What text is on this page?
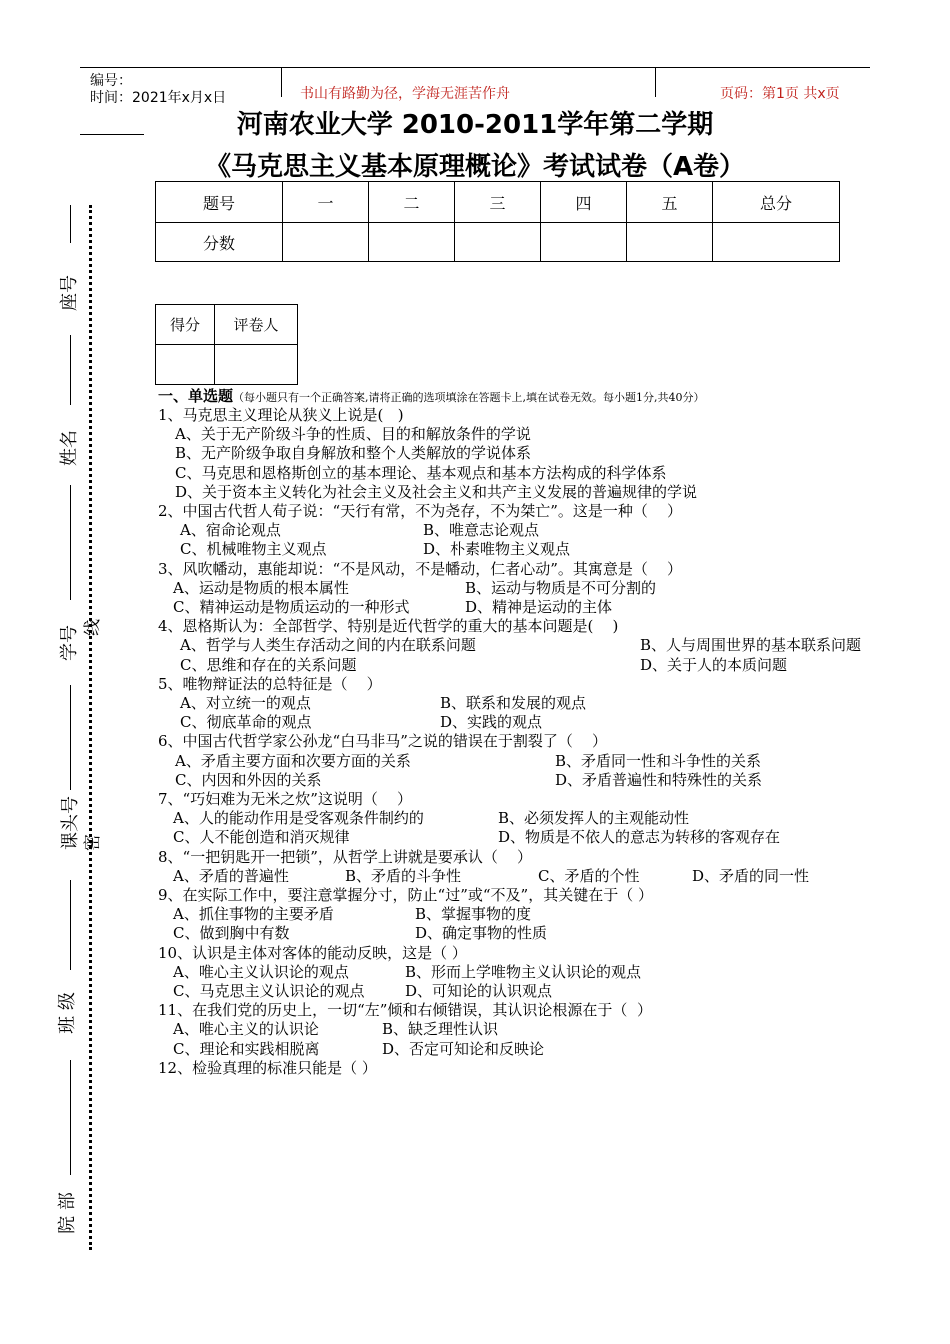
编号：
时间：2021年x月x日	书山有路勤为径，学海无涯苦作舟	页码：第1页 共x页
河南农业大学 2010-2011学年第二学期
《马克思主义基本原理概论》考试试卷（A卷）
题号	一	二	三	四	五	总分
分数						
得分	评卷人

座号
姓名
学号 线
课头号 密
班 级
院 部
一、单选题（每小题只有一个正确答案,请将正确的选项填涂在答题卡上,填在试卷无效。每小题1分,共40分）
1、马克思主义理论从狭义上说是(   )
A、关于无产阶级斗争的性质、目的和解放条件的学说
B、无产阶级争取自身解放和整个人类解放的学说体系
C、马克思和恩格斯创立的基本理论、基本观点和基本方法构成的科学体系
D、关于资本主义转化为社会主义及社会主义和共产主义发展的普遍规律的学说
2、中国古代哲人荀子说：“天行有常，不为尧存，不为桀亡”。这是一种（    ）
A、宿命论观点	B、唯意志论观点
C、机械唯物主义观点	D、朴素唯物主义观点
3、风吹幡动，惠能却说：“不是风动，不是幡动，仁者心动”。其寓意是（    ）
A、运动是物质的根本属性	B、运动与物质是不可分割的
C、精神运动是物质运动的一种形式	D、精神是运动的主体
4、恩格斯认为：全部哲学、特别是近代哲学的重大的基本问题是(    )
A、哲学与人类生存活动之间的内在联系问题	B、人与周围世界的基本联系问题
C、思维和存在的关系问题	D、关于人的本质问题
5、唯物辩证法的总特征是（    ）
A、对立统一的观点	B、联系和发展的观点
C、彻底革命的观点	D、实践的观点
6、中国古代哲学家公孙龙“白马非马”之说的错误在于割裂了（    ）
A、矛盾主要方面和次要方面的关系	B、矛盾同一性和斗争性的关系
C、内因和外因的关系	D、矛盾普遍性和特殊性的关系
7、“巧妇难为无米之炊”这说明（    ）
A、人的能动作用是受客观条件制约的	B、必须发挥人的主观能动性
C、人不能创造和消灭规律	D、物质是不依人的意志为转移的客观存在
8、“一把钥匙开一把锁”，从哲学上讲就是要承认（    ）
A、矛盾的普遍性	B、矛盾的斗争性	C、矛盾的个性	D、矛盾的同一性
9、在实际工作中，要注意掌握分寸，防止“过”或“不及”，其关键在于（ ）
A、抓住事物的主要矛盾	B、掌握事物的度
C、做到胸中有数	D、确定事物的性质
10、认识是主体对客体的能动反映，这是（ ）
A、唯心主义认识论的观点	B、形而上学唯物主义认识论的观点
C、马克思主义认识论的观点	D、可知论的认识观点
11、在我们党的历史上，一切“左”倾和右倾错误，其认识论根源在于（  ）
A、唯心主义的认识论	B、缺乏理性认识
C、理论和实践相脱离	D、否定可知论和反映论
12、检验真理的标准只能是（ ）
